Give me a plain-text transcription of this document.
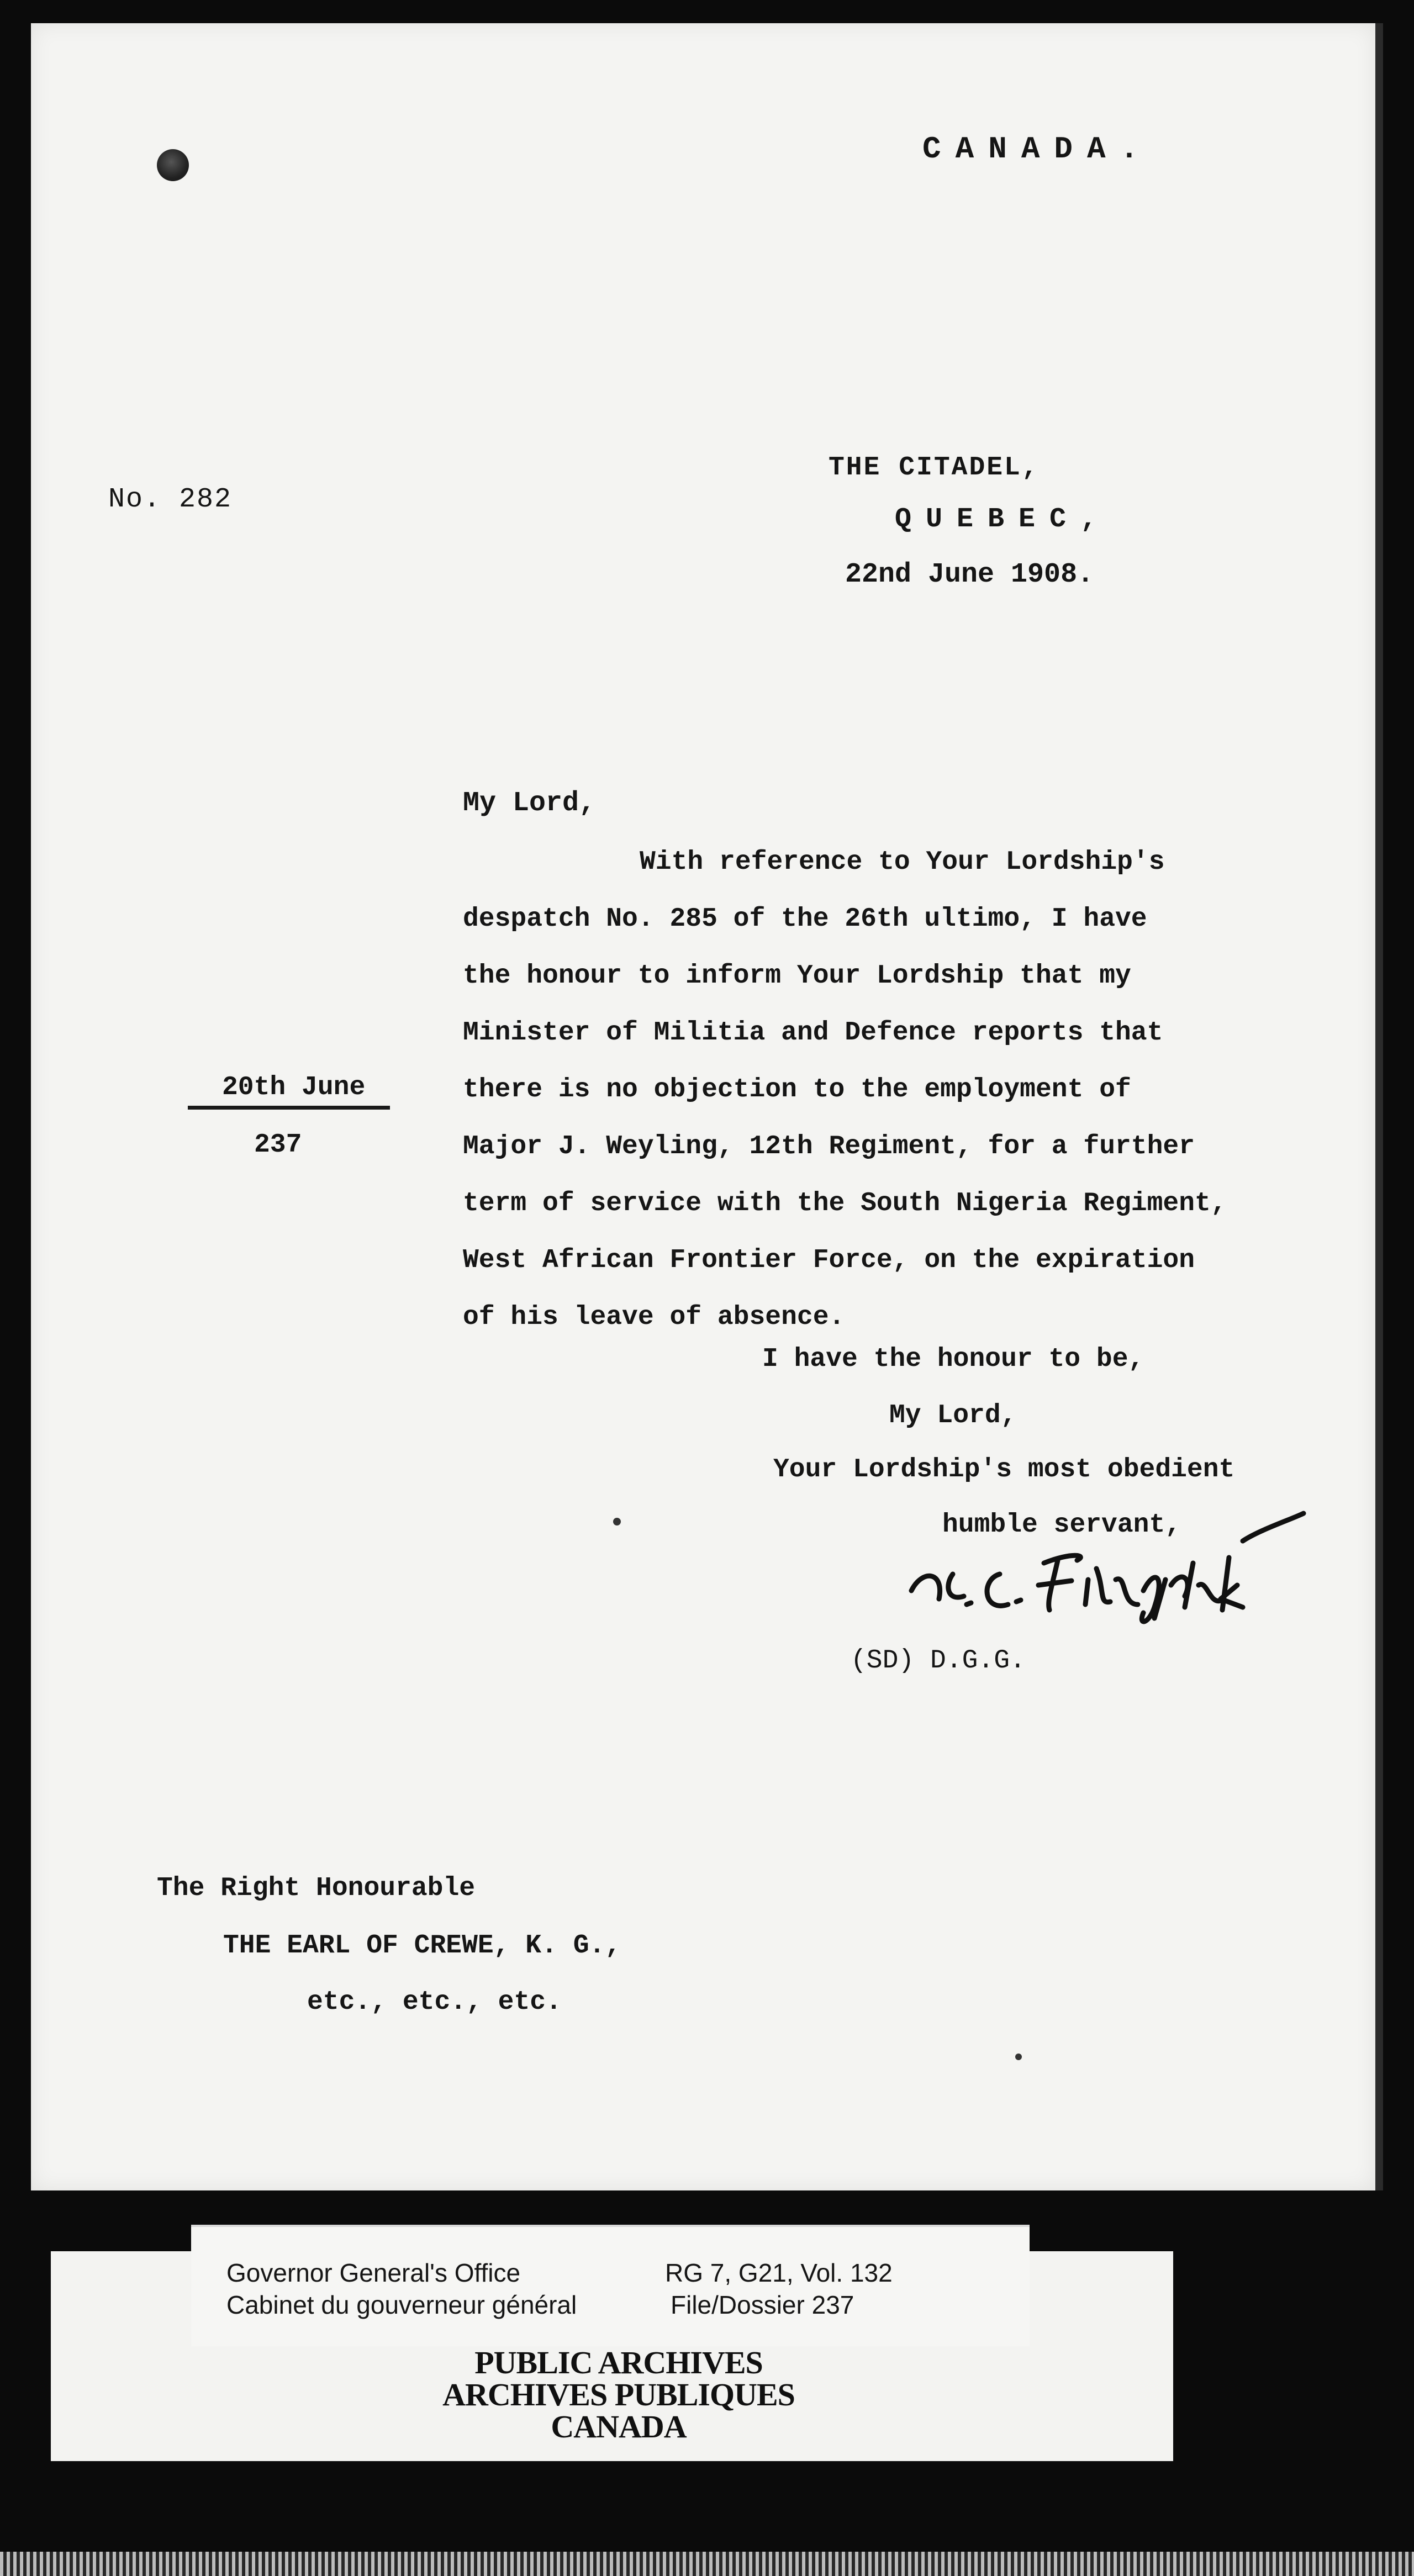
CANADA.

No. 282

THE CITADEL,

QUEBEC,

22nd June 1908.

My Lord,

With reference to Your Lordship's
despatch No. 285 of the 26th ultimo, I have
the honour to inform Your Lordship that my
Minister of Militia and Defence reports that
there is no objection to the employment of
Major J. Weyling, 12th Regiment, for a further
term of service with the South Nigeria Regiment,
West African Frontier Force, on the expiration
of his leave of absence.

20th June

237

I have the honour to be,

My Lord,

Your Lordship's most obedient

humble servant,

(SD) D.G.G.

The Right Honourable

THE EARL OF CREWE, K. G.,

etc., etc., etc.

Governor General's Office

Cabinet du gouverneur général

RG 7, G21, Vol. 132

File/Dossier 237

PUBLIC ARCHIVES

ARCHIVES PUBLIQUES

CANADA
